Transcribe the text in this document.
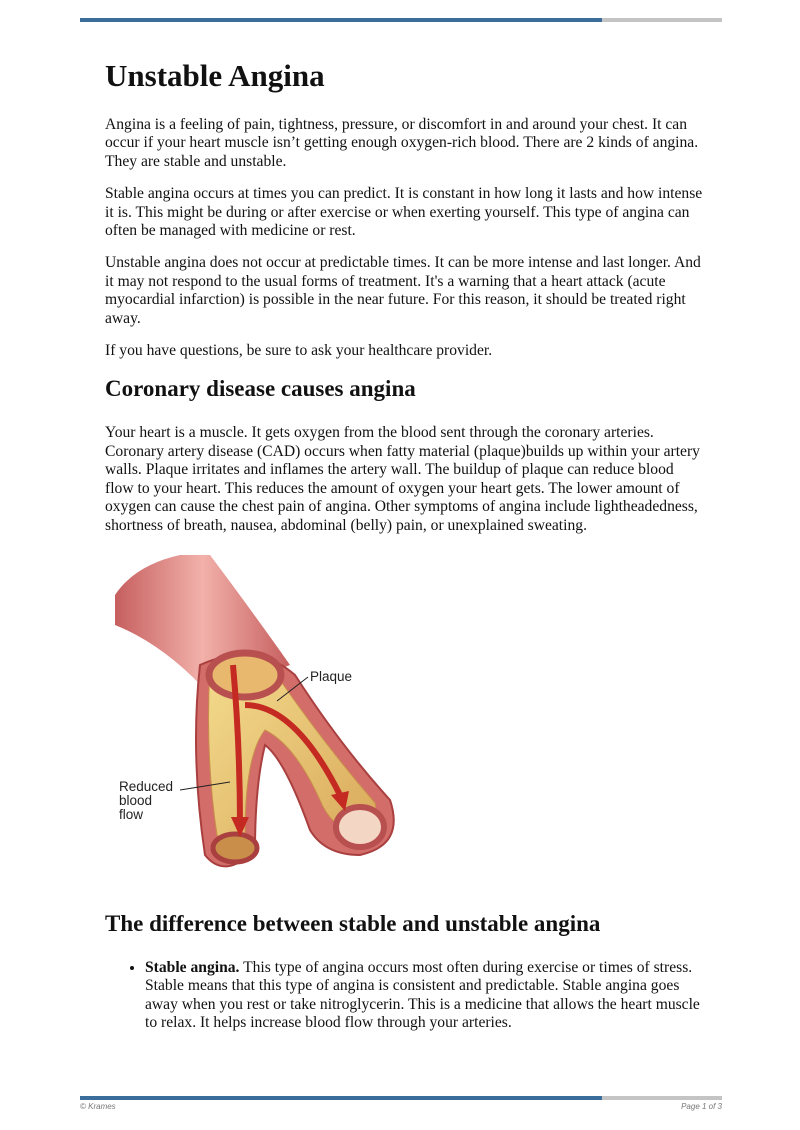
Unstable Angina

Angina is a feeling of pain, tightness, pressure, or discomfort in and around your chest. It can occur if your heart muscle isn’t getting enough oxygen-rich blood. There are 2 kinds of angina. They are stable and unstable.

Stable angina occurs at times you can predict. It is constant in how long it lasts and how intense it is. This might be during or after exercise or when exerting yourself. This type of angina can often be managed with medicine or rest.

Unstable angina does not occur at predictable times. It can be more intense and last longer. And it may not respond to the usual forms of treatment. It's a warning that a heart attack (acute myocardial infarction) is possible in the near future. For this reason, it should be treated right away.

If you have questions, be sure to ask your healthcare provider.

Coronary disease causes angina

Your heart is a muscle. It gets oxygen from the blood sent through the coronary arteries. Coronary artery disease (CAD) occurs when fatty material (plaque)builds up within your artery walls. Plaque irritates and inflames the artery wall. The buildup of plaque can reduce blood flow to your heart. This reduces the amount of oxygen your heart gets. The lower amount of oxygen can cause the chest pain of angina. Other symptoms of angina include lightheadedness, shortness of breath, nausea, abdominal (belly) pain, or unexplained sweating.

Plaque
Reduced
blood
flow
The difference between stable and unstable angina
• Stable angina. This type of angina occurs most often during exercise or times of stress. Stable means that this type of angina is consistent and predictable. Stable angina goes away when you rest or take nitroglycerin. This is a medicine that allows the heart muscle to relax. It helps increase blood flow through your arteries.
© Krames	Page 1 of 3
